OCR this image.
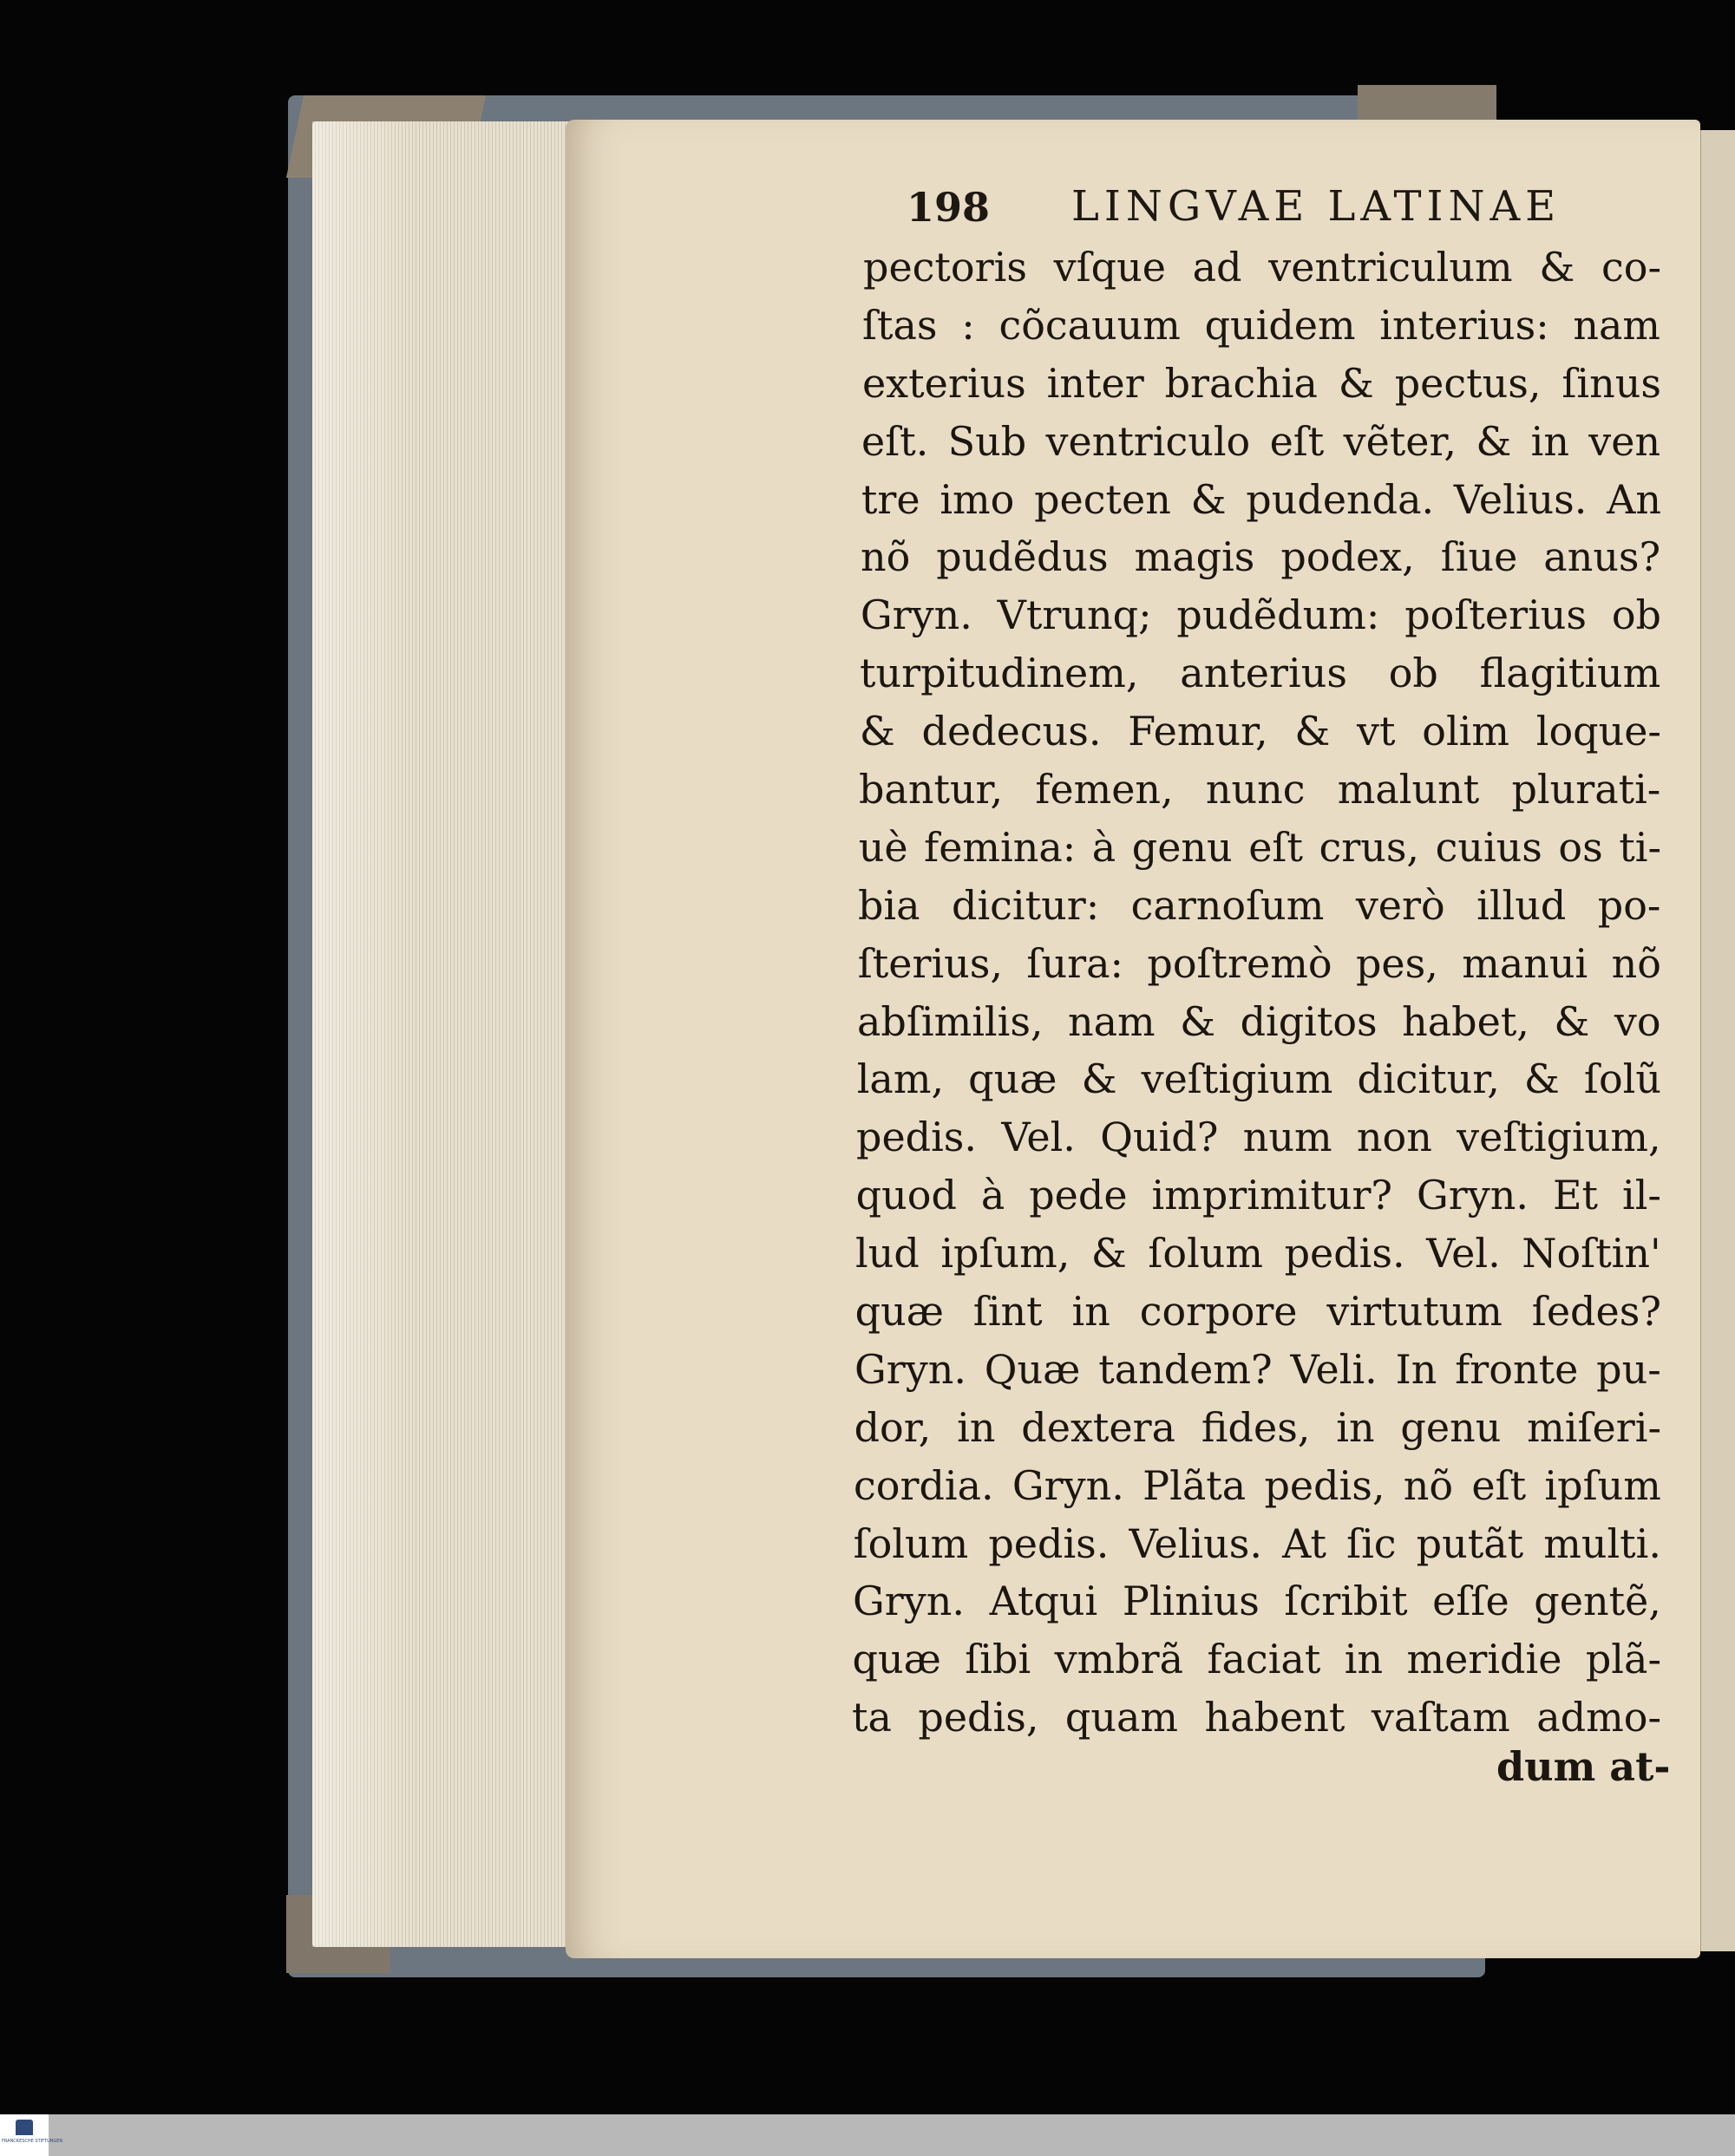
198 LINGVAE LATINAE
pectoris vſque ad ventriculum & co-
ſtas : cõcauum quidem interius: nam
exterius inter brachia & pectus, ſinus
eſt. Sub ventriculo eſt vẽter, & in ven
tre imo pecten & pudenda. Velius. An
nõ pudẽdus magis podex, ſiue anus?
Gryn. Vtrunq; pudẽdum: poſterius ob
turpitudinem, anterius ob flagitium
& dedecus. Femur, & vt olim loque-
bantur, femen, nunc malunt plurati-
uè femina: à genu eſt crus, cuius os ti-
bia dicitur: carnoſum verò illud po-
ſterius, ſura: poſtremò pes, manui nõ
abſimilis, nam & digitos habet, & vo
lam, quæ & veſtigium dicitur, & ſolũ
pedis. Vel. Quid? num non veſtigium,
quod à pede imprimitur? Gryn. Et il-
lud ipſum, & ſolum pedis. Vel. Noſtin'
quæ ſint in corpore virtutum ſedes?
Gryn. Quæ tandem? Veli. In fronte pu-
dor, in dextera fides, in genu miſeri-
cordia. Gryn. Plãta pedis, nõ eſt ipſum
ſolum pedis. Velius. At ſic putãt multi.
Gryn. Atqui Plinius ſcribit eſſe gentẽ,
quæ ſibi vmbrã faciat in meridie plã-
ta pedis, quam habent vaſtam admo-
dum at-
FRANCKESCHE STIFTUNGEN
